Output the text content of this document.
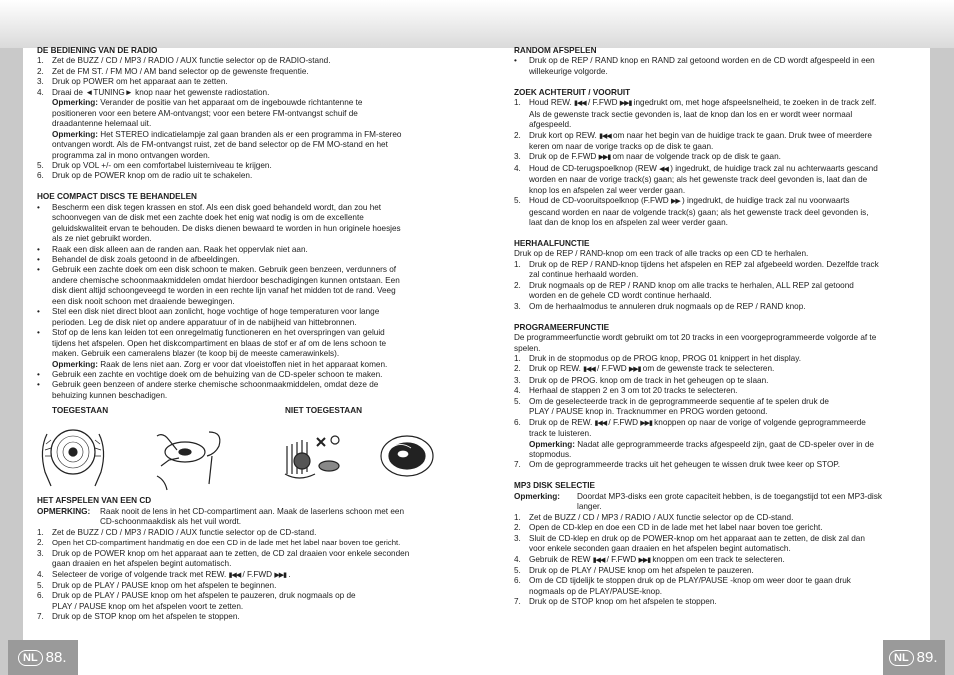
DE BEDIENING VAN DE RADIO
1. Zet de BUZZ / CD / MP3 / RADIO / AUX functie selector op de RADIO-stand.
2. Zet de FM ST. / FM MO / AM band selector op de gewenste frequentie.
3. Druk op POWER om het apparaat aan te zetten.
4. Draai de ◄TUNING► knop naar het gewenste radiostation.
Opmerking: Verander de positie van het apparaat om de ingebouwde richtantenne te
positioneren voor een betere AM-ontvangst; voor een betere FM-ontvangst schuif de
draadantenne helemaal uit.
Opmerking: Het STEREO indicatielampje zal gaan branden als er een programma in FM-stereo
ontvangen wordt. Als de FM-ontvangst ruist, zet de band selector op de FM MO-stand en het
programma zal in mono ontvangen worden.
5. Druk op VOL +/- om een comfortabel luisterniveau te krijgen.
6. Druk op de POWER knop om de radio uit te schakelen.
HOE COMPACT DISCS TE BEHANDELEN
•	Bescherm een disk tegen krassen en stof. Als een disk goed behandeld wordt, dan zou het
schoonvegen van de disk met een zachte doek het enig wat nodig is om de excellente
geluidskwaliteit ervan te behouden. De disks dienen bewaard te worden in hun originele hoesjes
als ze niet gebruikt worden.
•	Raak een disk alleen aan de randen aan. Raak het oppervlak niet aan.
•	Behandel de disk zoals getoond in de afbeeldingen.
•	Gebruik een zachte doek om een disk schoon te maken. Gebruik geen benzeen, verdunners of
andere chemische schoonmaakmiddelen omdat hierdoor beschadigingen kunnen ontstaan. Een
disk dient altijd schoongeveegd te worden in een rechte lijn vanaf het midden tot de rand. Veeg
een disk nooit schoon met draaiende bewegingen.
•	Stel een disk niet direct bloot aan zonlicht, hoge vochtige of hoge temperaturen voor lange
perioden. Leg de disk niet op andere apparatuur of in de nabijheid van hittebronnen.
•	Stof op de lens kan leiden tot een onregelmatig functioneren en het overspringen van geluid
tijdens het afspelen. Open het diskcompartiment en blaas de stof er af om de lens schoon te
maken. Gebruik een cameralens blazer (te koop bij de meeste camerawinkels).
Opmerking: Raak de lens niet aan. Zorg er voor dat vloeistoffen niet in het apparaat komen.
•	Gebruik een zachte en vochtige doek om de behuizing van de CD-speler schoon te maken.
•	Gebruik geen benzeen of andere sterke chemische schoonmaakmiddelen, omdat deze de
behuizing kunnen beschadigen.
TOEGESTAAN	NIET TOEGESTAAN
HET AFSPELEN VAN EEN CD
OPMERKING:	Raak nooit de lens in het CD-compartiment aan. Maak de laserlens schoon met een
CD-schoonmaakdisk als het vuil wordt.
1. Zet de BUZZ / CD / MP3 / RADIO / AUX functie selector op de CD-stand.
2.	Open het CD-compartiment handmatig en doe een CD in de lade met het label naar boven toe gericht.
3. Druk op de POWER knop om het apparaat aan te zetten, de CD zal draaien voor enkele seconden
gaan draaien en het afspelen begint automatisch.
4. Selecteer de vorige of volgende track met REW. ▮◀◀ / F.FWD ▶▶▮ .
5. Druk op de PLAY / PAUSE knop om het afspelen te beginnen.
6. Druk op de PLAY / PAUSE knop om het afspelen te pauzeren, druk nogmaals op de
PLAY / PAUSE knop om het afspelen voort te zetten.
7. Druk op de STOP knop om het afspelen te stoppen.
RANDOM AFSPELEN
•	Druk op de REP / RAND knop en RAND zal getoond worden en de CD wordt afgespeeld in een
willekeurige volgorde.
ZOEK ACHTERUIT / VOORUIT
1. Houd REW. ▮◀◀ / F.FWD ▶▶▮ ingedrukt om, met hoge afspeelsnelheid, te zoeken in de track zelf.
Als de gewenste track sectie gevonden is, laat de knop dan los en er wordt weer normaal
afgespeeld.
2. Druk kort op REW. ▮◀◀ om naar het begin van de huidige track te gaan. Druk twee of meerdere
keren om naar de vorige tracks op de disk te gaan.
3. Druk op de F.FWD ▶▶▮ om naar de volgende track op de disk te gaan.
4. Houd de CD-terugspoelknop (REW ◀◀ ) ingedrukt, de huidige track zal nu achterwaarts gescand
worden en naar de vorige track(s) gaan; als het gewenste track deel gevonden is, laat dan de
knop los en afspelen zal weer verder gaan.
5. Houd de CD-vooruitspoelknop (F.FWD ▶▶ ) ingedrukt, de huidige track zal nu voorwaarts
gescand worden en naar de volgende track(s) gaan; als het gewenste track deel gevonden is,
laat dan de knop los en afspelen zal weer verder gaan.
HERHAALFUNCTIE
Druk op de REP / RAND-knop om een track of alle tracks op een CD te herhalen.
1. Druk op de REP / RAND-knop tijdens het afspelen en REP zal afgebeeld worden. Dezelfde track
zal continue herhaald worden.
2. Druk nogmaals op de REP / RAND knop om alle tracks te herhalen, ALL REP zal getoond
worden en de gehele CD wordt continue herhaald.
3. Om de herhaalmodus te annuleren druk nogmaals op de REP / RAND knop.
PROGRAMEERFUNCTIE
De programmeerfunctie wordt gebruikt om tot 20 tracks in een voorgeprogrammeerde volgorde af te
spelen.
1. Druk in de stopmodus op de PROG knop, PROG 01 knippert in het display.
2. Druk op REW. ▮◀◀ / F.FWD ▶▶▮ om de gewenste track te selecteren.
3. Druk op de PROG. knop om de track in het geheugen op te slaan.
4. Herhaal de stappen 2 en 3 om tot 20 tracks te selecteren.
5. Om de geselecteerde track in de geprogrammeerde sequentie af te spelen druk de
PLAY / PAUSE knop in. Tracknummer en PROG worden getoond.
6. Druk op de REW. ▮◀◀ / F.FWD ▶▶▮ knoppen op naar de vorige of volgende geprogrammeerde
track te luisteren.
Opmerking: Nadat alle geprogrammeerde tracks afgespeeld zijn, gaat de CD-speler over in de
stopmodus.
7. Om de geprogrammeerde tracks uit het geheugen te wissen druk twee keer op STOP.
MP3 DISK SELECTIE
Opmerking:	Doordat MP3-disks een grote capaciteit hebben, is de toegangstijd tot een MP3-disk
langer.
1. Zet de BUZZ / CD / MP3 / RADIO / AUX functie selector op de CD-stand.
2. Open de CD-klep en doe een CD in de lade met het label naar boven toe gericht.
3. Sluit de CD-klep en druk op de POWER-knop om het apparaat aan te zetten, de disk zal dan
voor enkele seconden gaan draaien en het afspelen begint automatisch.
4. Gebruik de REW ▮◀◀ / F.FWD ▶▶▮ knoppen om een track te selecteren.
5. Druk op de PLAY / PAUSE knop om het afspelen te pauzeren.
6. Om de CD tijdelijk te stoppen druk op de PLAY/PAUSE -knop om weer door te gaan druk
nogmaals op de PLAY/PAUSE-knop.
7. Druk op de STOP knop om het afspelen te stoppen.
NL 88.	NL 89.
